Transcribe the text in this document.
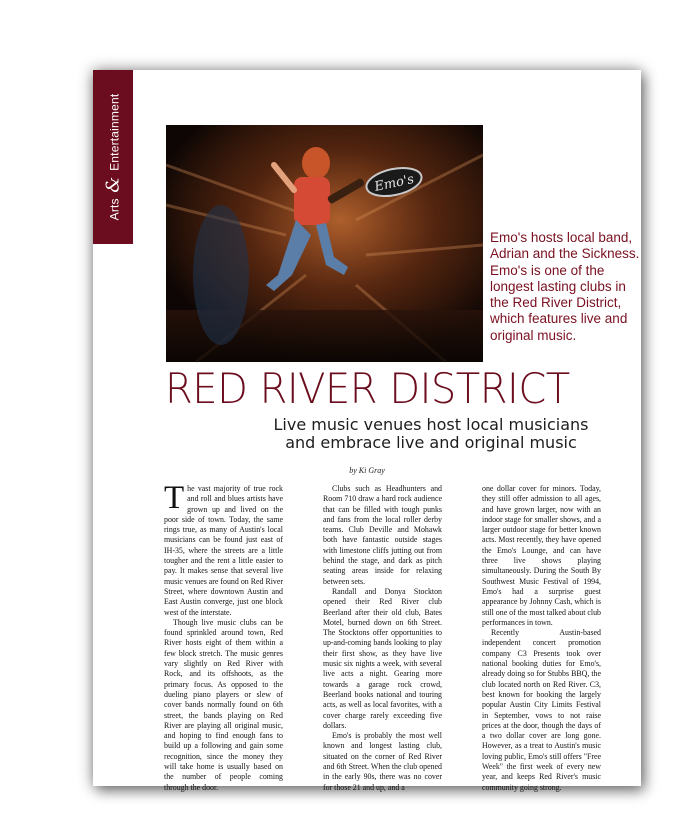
Arts & Entertainment
Emo's
Emo's hosts local band, Adrian and the Sickness. Emo's is one of the longest lasting clubs in the Red River District, which features live and original music.
RED RIVER DISTRICT
Live music venues host local musicians and embrace live and original music
by Ki Gray

The vast majority of true rock and roll and blues artists have grown up and lived on the poor side of town. Today, the same rings true, as many of Austin's local musicians can be found just east of IH-35, where the streets are a little tougher and the rent a little easier to pay. It makes sense that several live music venues are found on Red River Street, where downtown Austin and East Austin converge, just one block west of the interstate.

Though live music clubs can be found sprinkled around town, Red River hosts eight of them within a few block stretch. The music genres vary slightly on Red River with Rock, and its offshoots, as the primary focus. As opposed to the dueling piano players or slew of cover bands normally found on 6th street, the bands playing on Red River are playing all original music, and hoping to find enough fans to build up a following and gain some recognition, since the money they will take home is usually based on the number of people coming through the door.

Clubs such as Headhunters and Room 710 draw a hard rock audience that can be filled with tough punks and fans from the local roller derby teams. Club Deville and Mohawk both have fantastic outside stages with limestone cliffs jutting out from behind the stage, and dark as pitch seating areas inside for relaxing between sets.

Randall and Donya Stockton opened their Red River club Beerland after their old club, Bates Motel, burned down on 6th Street. The Stocktons offer opportunities to up-and-coming bands looking to play their first show, as they have live music six nights a week, with several live acts a night. Gearing more towards a garage rock crowd, Beerland books national and touring acts, as well as local favorites, with a cover charge rarely exceeding five dollars.

Emo's is probably the most well known and longest lasting club, situated on the corner of Red River and 6th Street. When the club opened in the early 90s, there was no cover for those 21 and up, and a

one dollar cover for minors. Today, they still offer admission to all ages, and have grown larger, now with an indoor stage for smaller shows, and a larger outdoor stage for better known acts. Most recently, they have opened the Emo's Lounge, and can have three live shows playing simultaneously. During the South By Southwest Music Festival of 1994, Emo's had a surprise guest appearance by Johnny Cash, which is still one of the most talked about club performances in town.

Recently Austin-based independent concert promotion company C3 Presents took over national booking duties for Emo's, already doing so for Stubbs BBQ, the club located north on Red River. C3, best known for booking the largely popular Austin City Limits Festival in September, vows to not raise prices at the door, though the days of a two dollar cover are long gone. However, as a treat to Austin's music loving public, Emo's still offers "Free Week" the first week of every new year, and keeps Red River's music community going strong.
